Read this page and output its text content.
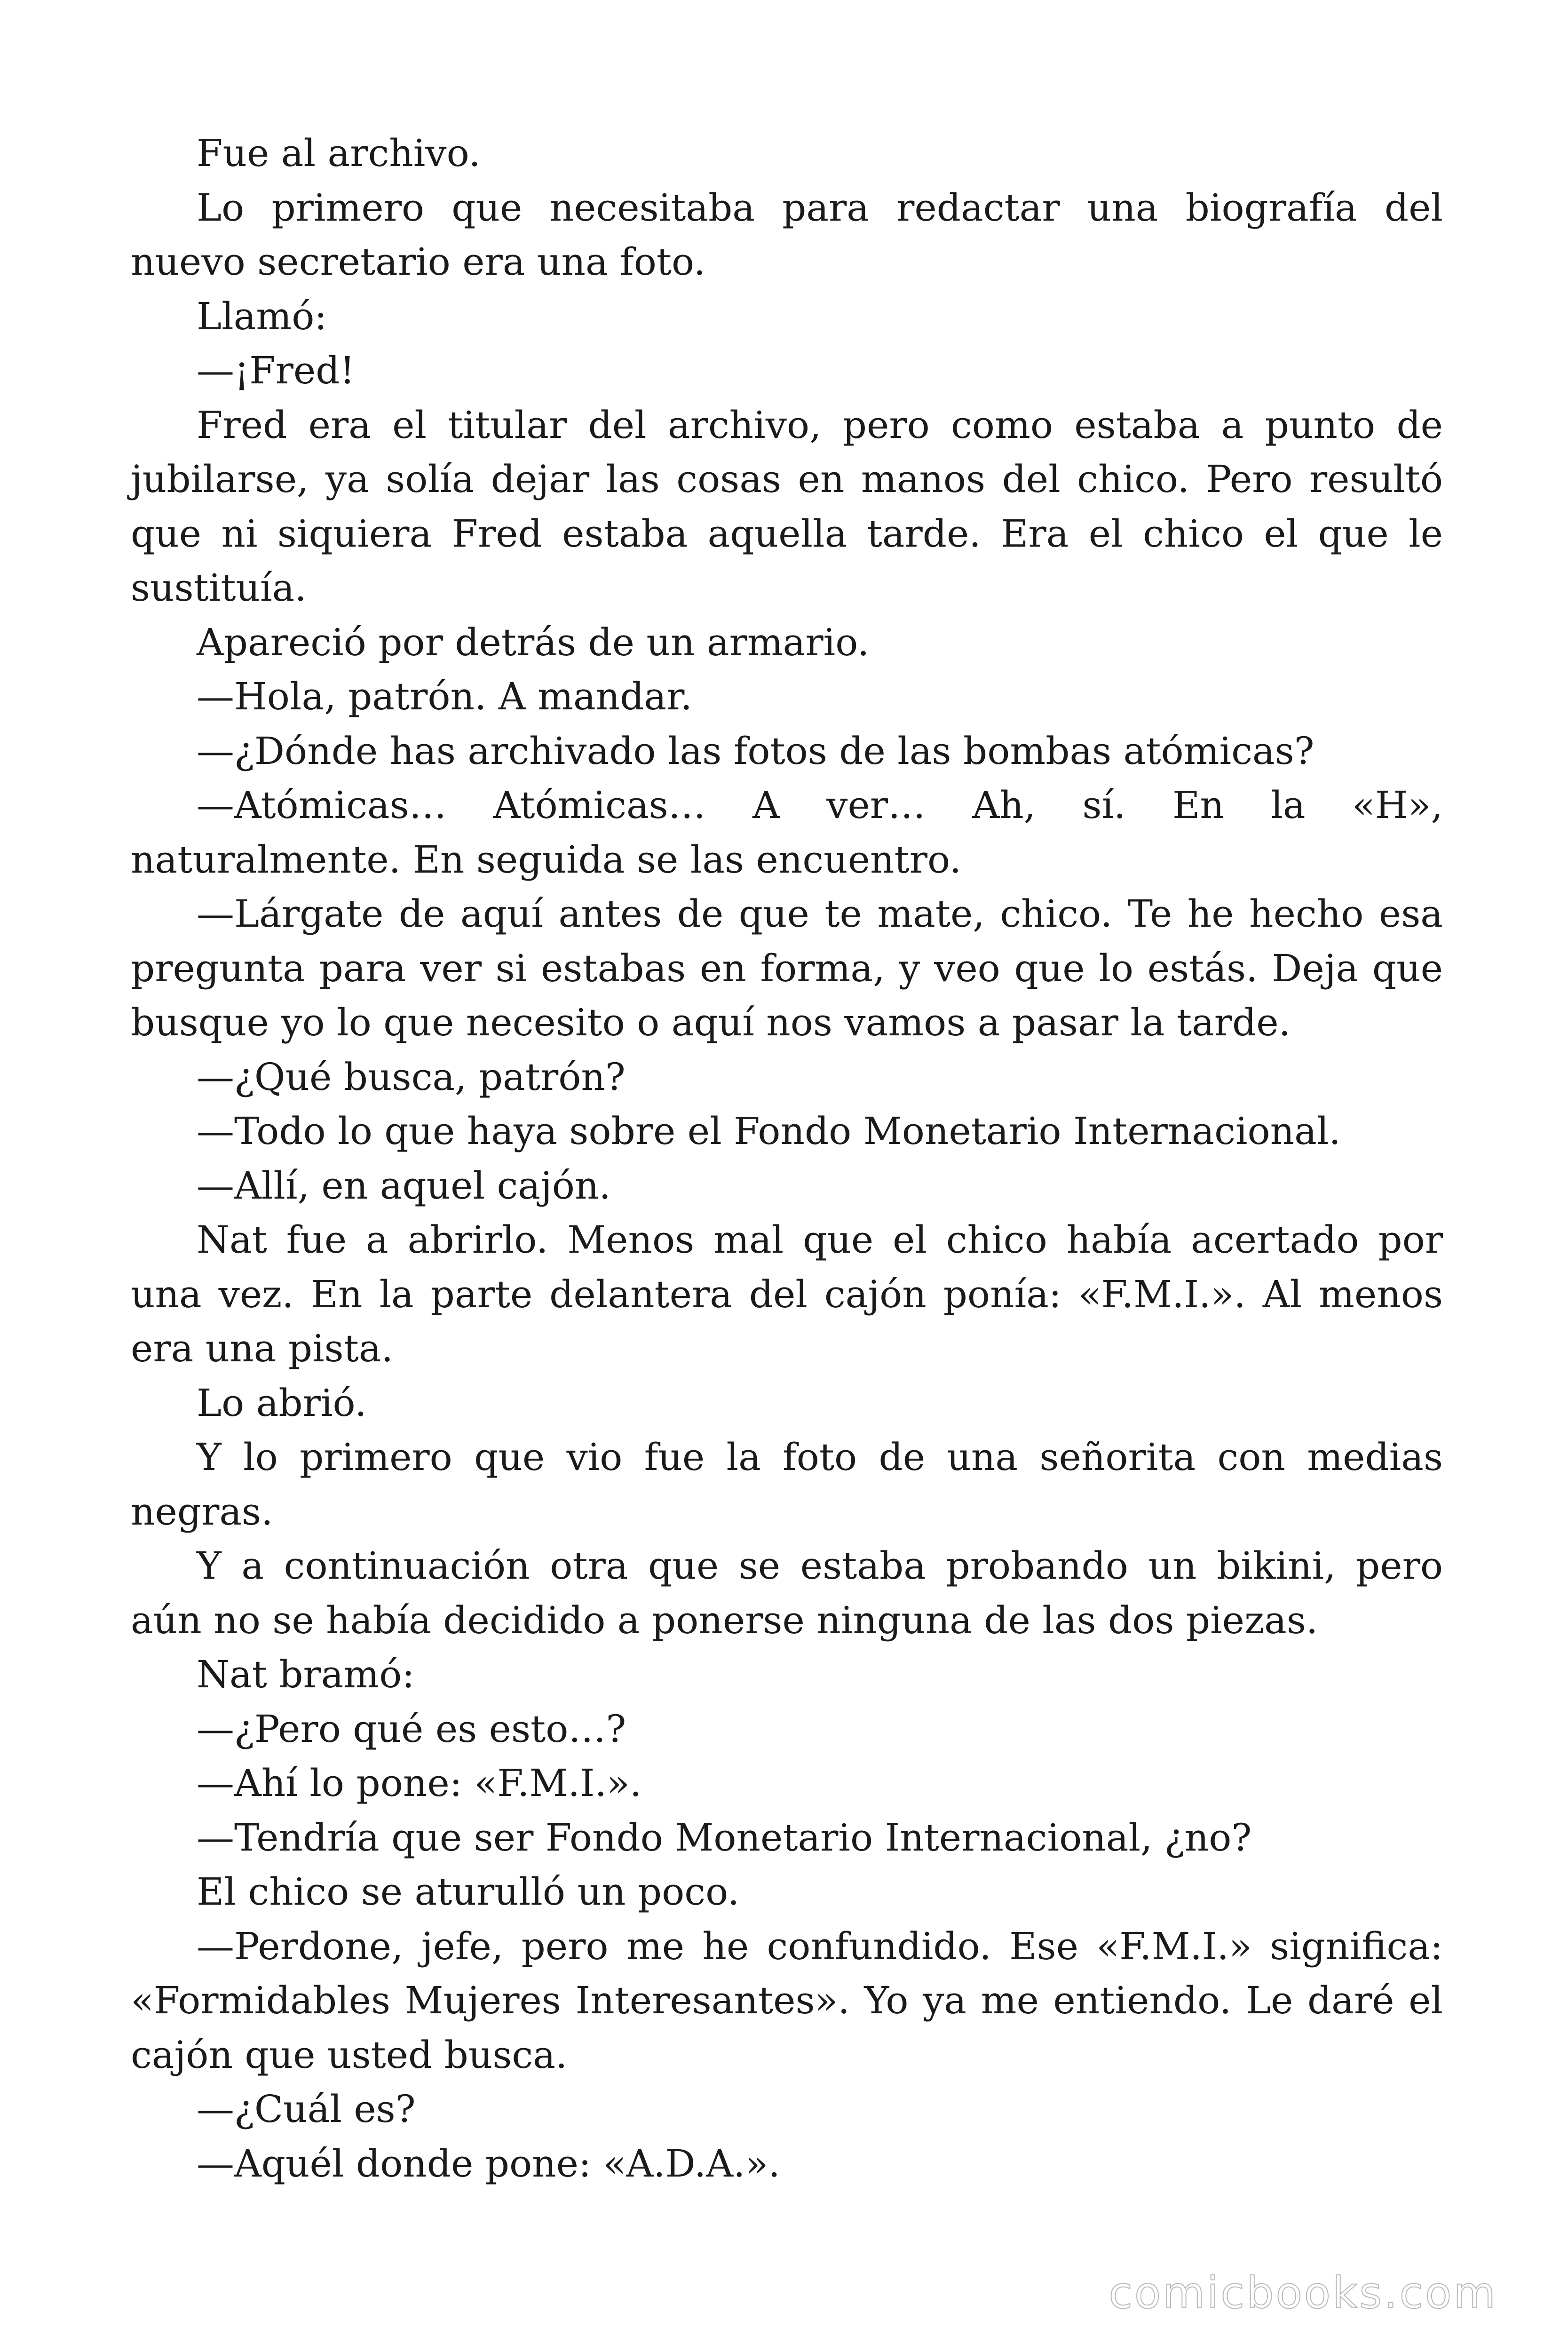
Fue al archivo.

Lo primero que necesitaba para redactar una biografía del nuevo secretario era una foto.

Llamó:

—¡Fred!

Fred era el titular del archivo, pero como estaba a punto de jubilarse, ya solía dejar las cosas en manos del chico. Pero resultó que ni siquiera Fred estaba aquella tarde. Era el chico el que le sustituía.

Apareció por detrás de un armario.

—Hola, patrón. A mandar.

—¿Dónde has archivado las fotos de las bombas atómicas?

—Atómicas… Atómicas… A ver… Ah, sí. En la «H», naturalmente. En seguida se las encuentro.

—Lárgate de aquí antes de que te mate, chico. Te he hecho esa pregunta para ver si estabas en forma, y veo que lo estás. Deja que busque yo lo que necesito o aquí nos vamos a pasar la tarde.

—¿Qué busca, patrón?

—Todo lo que haya sobre el Fondo Monetario Internacional.

—Allí, en aquel cajón.

Nat fue a abrirlo. Menos mal que el chico había acertado por una vez. En la parte delantera del cajón ponía: «F.M.I.». Al menos era una pista.

Lo abrió.

Y lo primero que vio fue la foto de una señorita con medias negras.

Y a continuación otra que se estaba probando un bikini, pero aún no se había decidido a ponerse ninguna de las dos piezas.

Nat bramó:

—¿Pero qué es esto…?

—Ahí lo pone: «F.M.I.».

—Tendría que ser Fondo Monetario Internacional, ¿no?

El chico se aturulló un poco.

—Perdone, jefe, pero me he confundido. Ese «F.M.I.» significa: «Formidables Mujeres Interesantes». Yo ya me entiendo. Le daré el cajón que usted busca.

—¿Cuál es?

—Aquél donde pone: «A.D.A.».

comicbooks.com
